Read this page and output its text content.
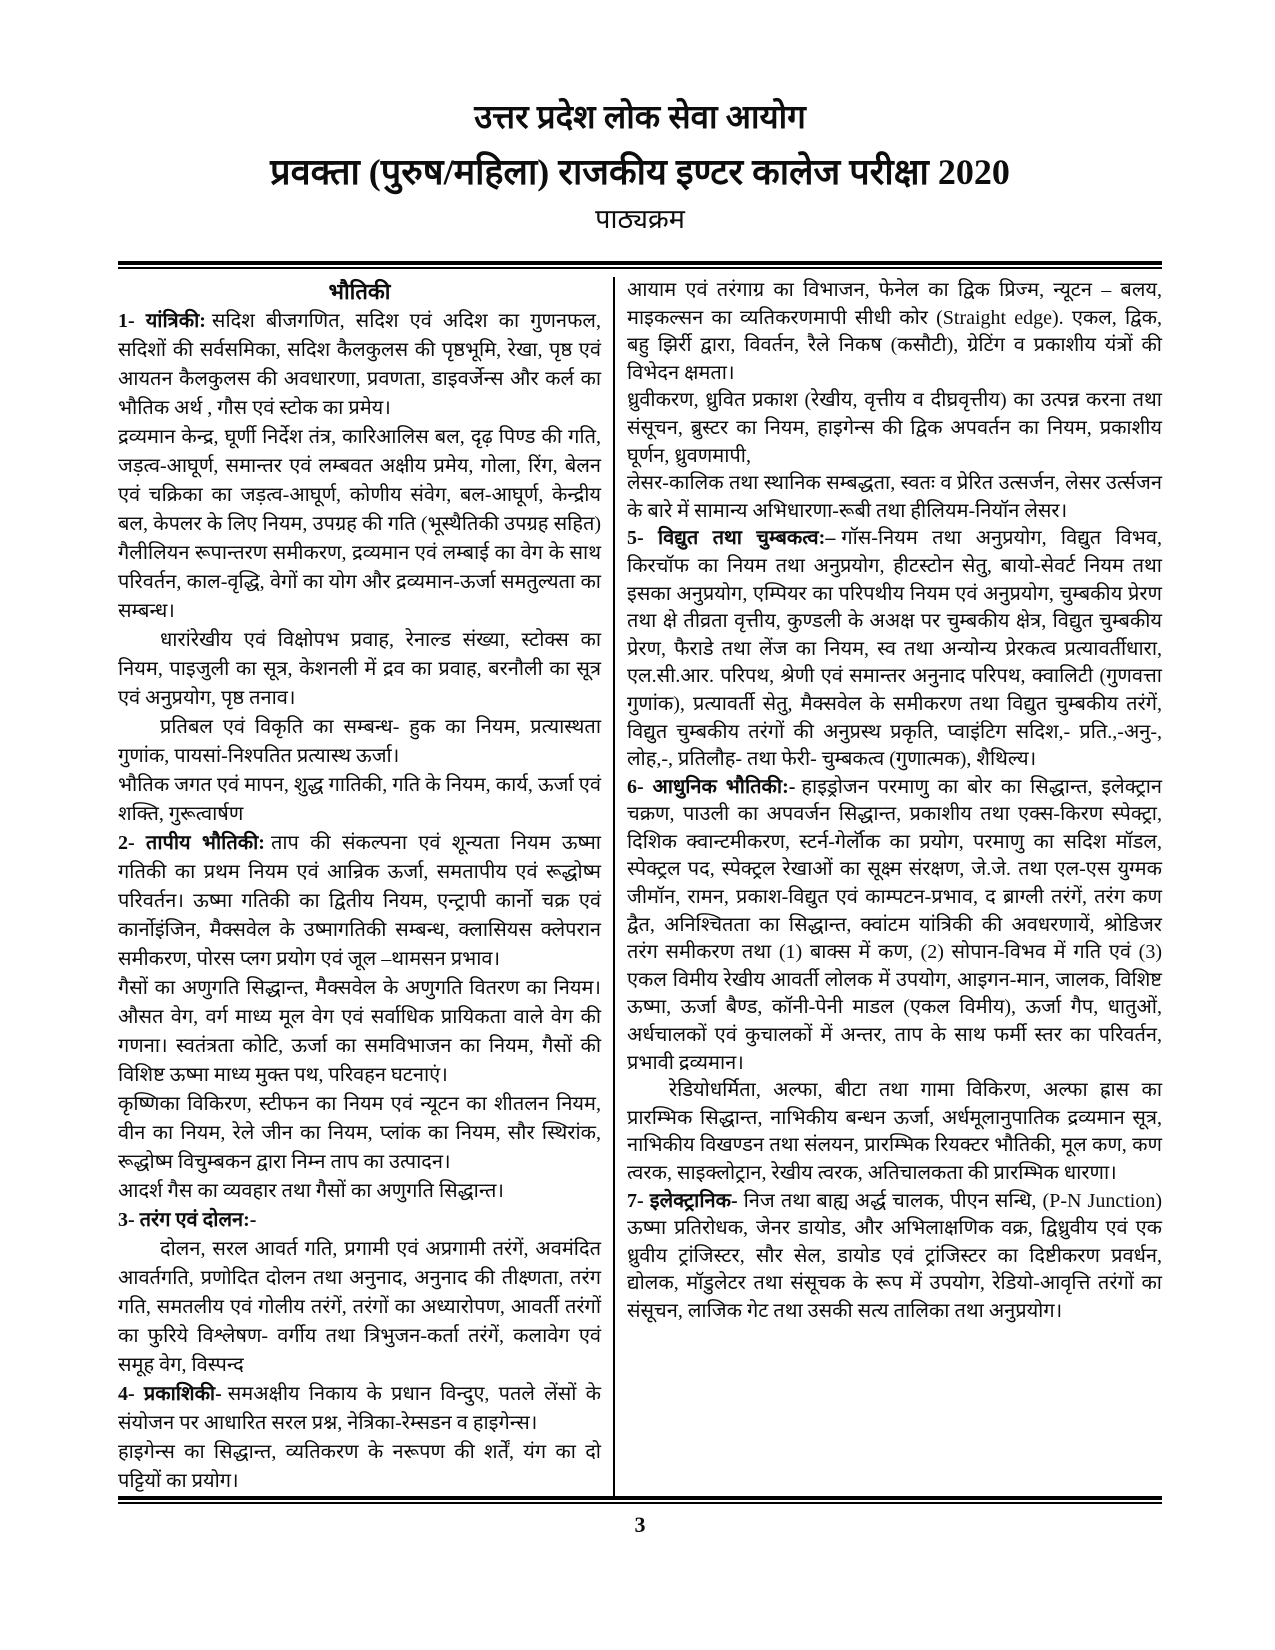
उत्तर प्रदेश लोक सेवा आयोग
प्रवक्ता (पुरुष/महिला) राजकीय इण्टर कालेज परीक्षा 2020
पाठ्यक्रम

भौतिकी

1- यांत्रिकी: सदिश बीजगणित, सदिश एवं अदिश का गुणनफल, सदिशों की सर्वसमिका, सदिश कैलकुलस की पृष्ठभूमि, रेखा, पृष्ठ एवं आयतन कैलकुलस की अवधारणा, प्रवणता, डाइवर्जेन्स और कर्ल का भौतिक अर्थ , गौस एवं स्टोक का प्रमेय।

द्रव्यमान केन्द्र, घूर्णी निर्देश तंत्र, कारिआलिस बल, दृढ़ पिण्ड की गति, जड़त्व-आघूर्ण, समान्तर एवं लम्बवत अक्षीय प्रमेय, गोला, रिंग, बेलन एवं चक्रिका का जड़त्व-आघूर्ण, कोणीय संवेग, बल-आघूर्ण, केन्द्रीय बल, केपलर के लिए नियम, उपग्रह की गति (भूस्थैतिकी उपग्रह सहित) गैलीलियन रूपान्तरण समीकरण, द्रव्यमान एवं लम्बाई का वेग के साथ परिवर्तन, काल-वृद्धि, वेगों का योग और द्रव्यमान-ऊर्जा समतुल्यता का सम्बन्ध।

धारांरेखीय एवं विक्षोपभ प्रवाह, रेनाल्ड संख्या, स्टोक्स का नियम, पाइजुली का सूत्र, केशनली में द्रव का प्रवाह, बरनौली का सूत्र एवं अनुप्रयोग, पृष्ठ तनाव।

प्रतिबल एवं विकृति का सम्बन्ध- हुक का नियम, प्रत्यास्थता गुणांक, पायसां-निश्पतित प्रत्यास्थ ऊर्जा।

भौतिक जगत एवं मापन, शुद्ध गातिकी, गति के नियम, कार्य, ऊर्जा एवं शक्ति, गुरूत्वार्षण

2- तापीय भौतिकी: ताप की संकल्पना एवं शून्यता नियम ऊष्मा गतिकी का प्रथम नियम एवं आन्रिक ऊर्जा, समतापीय एवं रूद्धोष्म परिवर्तन। ऊष्मा गतिकी का द्वितीय नियम, एन्ट्रापी कार्नो चक्र एवं कार्नोइंजिन, मैक्सवेल के उष्मागतिकी सम्बन्ध, क्लासियस क्लेपरान समीकरण, पोरस प्लग प्रयोग एवं जूल –थामसन प्रभाव।

गैसों का अणुगति सिद्धान्त, मैक्सवेल के अणुगति वितरण का नियम। औसत वेग, वर्ग माध्य मूल वेग एवं सर्वाधिक प्रायिकता वाले वेग की गणना। स्वतंत्रता कोटि, ऊर्जा का समविभाजन का नियम, गैसों की विशिष्ट ऊष्मा माध्य मुक्त पथ, परिवहन घटनाएं।

कृष्णिका विकिरण, स्टीफन का नियम एवं न्यूटन का शीतलन नियम, वीन का नियम, रेले जीन का नियम, प्लांक का नियम, सौर स्थिरांक, रूद्धोष्म विचुम्बकन द्वारा निम्न ताप का उत्पादन।

आदर्श गैस का व्यवहार तथा गैसों का अणुगति सिद्धान्त।

3- तरंग एवं दोलन:-

दोलन, सरल आवर्त गति, प्रगामी एवं अप्रगामी तरंगें, अवमंदित आवर्तगति, प्रणोदित दोलन तथा अनुनाद, अनुनाद की तीक्ष्णता, तरंग गति, समतलीय एवं गोलीय तरंगें, तरंगों का अध्यारोपण, आवर्ती तरंगों का फुरिये विश्लेषण- वर्गीय तथा त्रिभुजन-कर्ता तरंगें, कलावेग एवं समूह वेग, विस्पन्द

4- प्रकाशिकी- समअक्षीय निकाय के प्रधान विन्दुए, पतले लेंसों के संयोजन पर आधारित सरल प्रश्न, नेत्रिका-रेम्सडन व हाइगेन्स।

हाइगेन्स का सिद्धान्त, व्यतिकरण के नरूपण की शर्तें, यंग का दो पट्टियों का प्रयोग।

आयाम एवं तरंगाग्र का विभाजन, फेनेल का द्विक प्रिज्म, न्यूटन – बलय, माइकल्सन का व्यतिकरणमापी सीधी कोर (Straight edge). एकल, द्विक, बहु झिर्री द्वारा, विवर्तन, रैले निकष (कसौटी), ग्रेटिंग व प्रकाशीय यंत्रों की विभेदन क्षमता।

ध्रुवीकरण, ध्रुवित प्रकाश (रेखीय, वृत्तीय व दीघ्रवृत्तीय) का उत्पन्न करना तथा संसूचन, ब्रुस्टर का नियम, हाइगेन्स की द्विक अपवर्तन का नियम, प्रकाशीय घूर्णन, ध्रुवणमापी,

लेसर-कालिक तथा स्थानिक सम्बद्धता, स्वतः व प्रेरित उत्सर्जन, लेसर उर्त्सजन के बारे में सामान्य अभिधारणा-रूबी तथा हीलियम-नियॉन लेसर।

5- विद्युत तथा चुम्बकत्व:– गॉस-नियम तथा अनुप्रयोग, विद्युत विभव, किरचॉफ का नियम तथा अनुप्रयोग, हीटस्टोन सेतु, बायो-सेवर्ट नियम तथा इसका अनुप्रयोग, एम्पियर का परिपथीय नियम एवं अनुप्रयोग, चुम्बकीय प्रेरण तथा क्षे तीव्रता वृत्तीय, कुण्डली के अअक्ष पर चुम्बकीय क्षेत्र, विद्युत चुम्बकीय प्रेरण, फैराडे तथा लेंज का नियम, स्व तथा अन्योन्य प्रेरकत्व प्रत्यावर्तीधारा, एल.सी.आर. परिपथ, श्रेणी एवं समान्तर अनुनाद परिपथ, क्वालिटी (गुणवत्ता गुणांक), प्रत्यावर्ती सेतु, मैक्सवेल के समीकरण तथा विद्युत चुम्बकीय तरंगें, विद्युत चुम्बकीय तरंगों की अनुप्रस्थ प्रकृति, प्वाइंटिग सदिश,- प्रति.,-अनु-, लोह,-, प्रतिलौह- तथा फेरी- चुम्बकत्व (गुणात्मक), शैथिल्य।

6- आधुनिक भौतिकी:- हाइड्रोजन परमाणु का बोर का सिद्धान्त, इलेक्ट्रान चक्रण, पाउली का अपवर्जन सिद्धान्त, प्रकाशीय तथा एक्स-किरण स्पेक्ट्रा, दिशिक क्वान्टमीकरण, स्टर्न-गेर्लॉक का प्रयोग, परमाणु का सदिश मॉडल, स्पेक्ट्रल पद, स्पेक्ट्रल रेखाओं का सूक्ष्म संरक्षण, जे.जे. तथा एल-एस युग्मक जीमॉन, रामन, प्रकाश-विद्युत एवं काम्पटन-प्रभाव, द ब्राग्ली तरंगें, तरंग कण द्वैत, अनिश्चितता का सिद्धान्त, क्वांटम यांत्रिकी की अवधरणायें, श्रोडिजर तरंग समीकरण तथा (1) बाक्स में कण, (2) सोपान-विभव में गति एवं (3) एकल विमीय रेखीय आवर्ती लोलक में उपयोग, आइगन-मान, जालक, विशिष्ट ऊष्मा, ऊर्जा बैण्ड, कॉनी-पेनी माडल (एकल विमीय), ऊर्जा गैप, धातुओं, अर्धचालकों एवं कुचालकों में अन्तर, ताप के साथ फर्मी स्तर का परिवर्तन, प्रभावी द्रव्यमान।

रेडियोधर्मिता, अल्फा, बीटा तथा गामा विकिरण, अल्फा ह्रास का प्रारम्भिक सिद्धान्त, नाभिकीय बन्धन ऊर्जा, अर्धमूलानुपातिक द्रव्यमान सूत्र, नाभिकीय विखण्डन तथा संलयन, प्रारम्भिक रियक्टर भौतिकी, मूल कण, कण त्वरक, साइक्लोट्रान, रेखीय त्वरक, अतिचालकता की प्रारम्भिक धारणा।

7- इलेक्ट्रानिक- निज तथा बाह्य अर्द्ध चालक, पीएन सन्धि, (P-N Junction) ऊष्मा प्रतिरोधक, जेनर डायोड, और अभिलाक्षणिक वक्र, द्विध्रुवीय एवं एक ध्रुवीय ट्रांजिस्टर, सौर सेल, डायोड एवं ट्रांजिस्टर का दिष्टीकरण प्रवर्धन, द्योलक, मॉडुलेटर तथा संसूचक के रूप में उपयोग, रेडियो-आवृत्ति तरंगों का संसूचन, लाजिक गेट तथा उसकी सत्य तालिका तथा अनुप्रयोग।

3
